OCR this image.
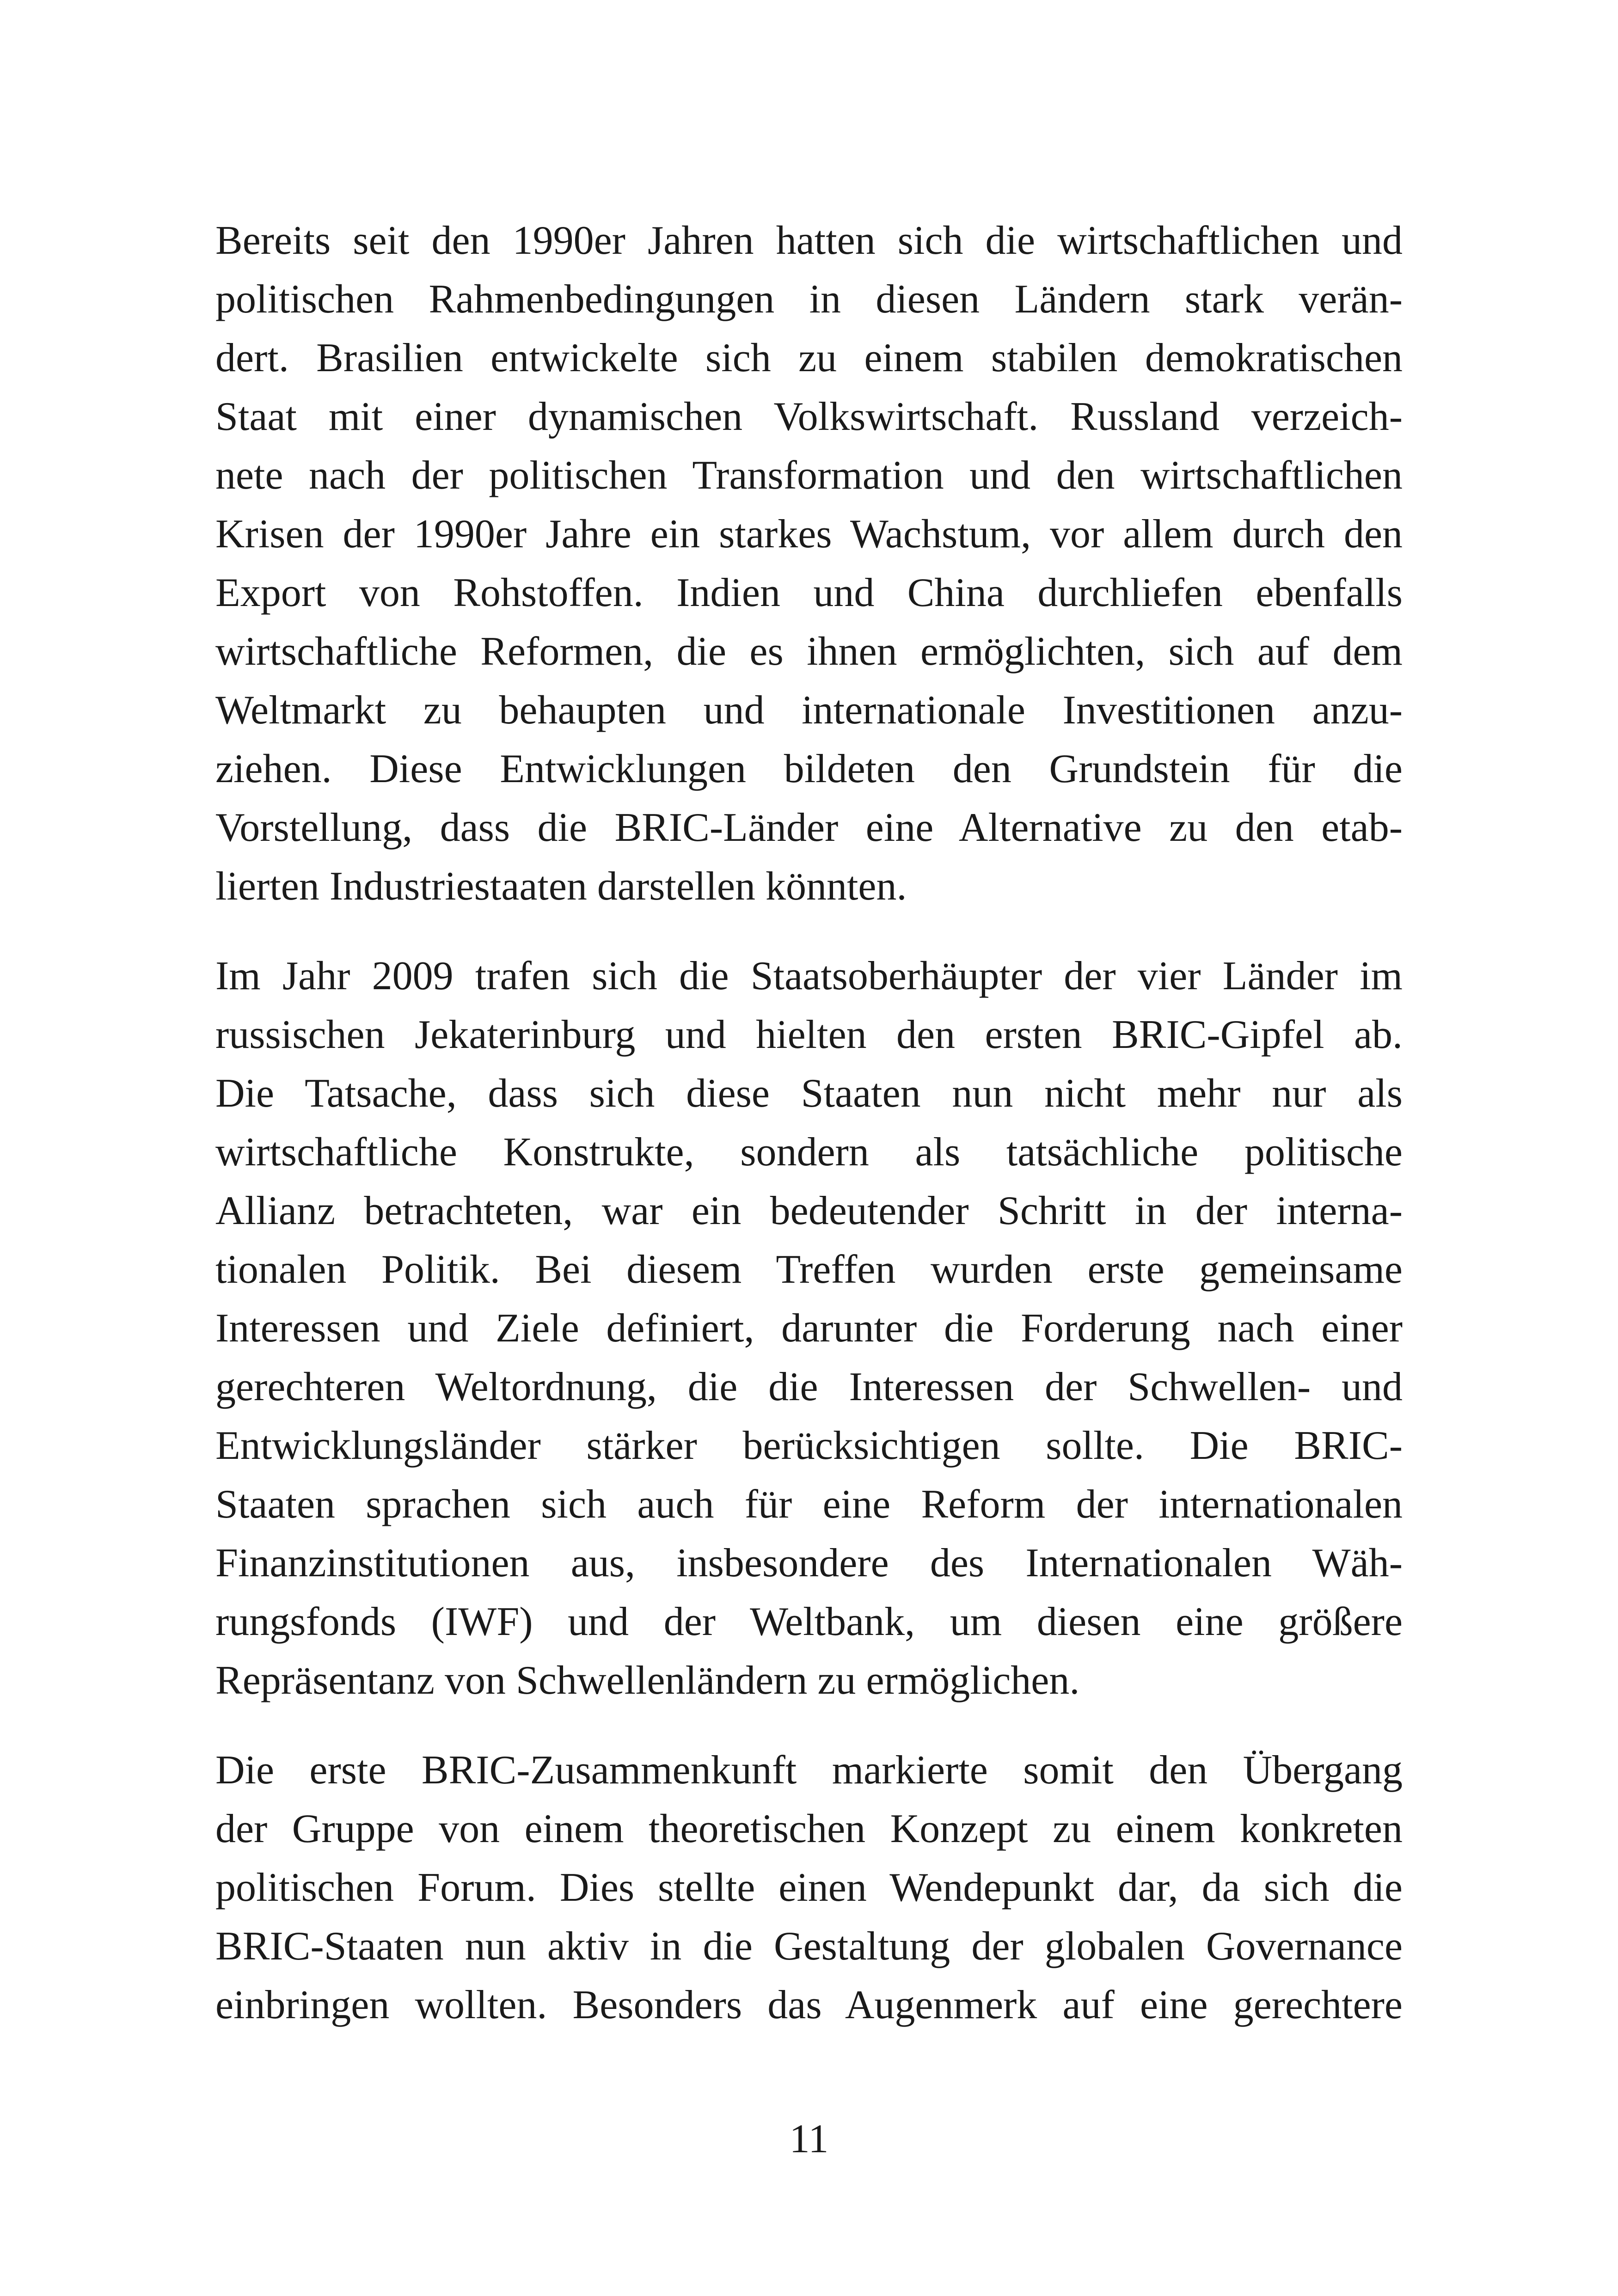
Bereits seit den 1990er Jahren hatten sich die wirtschaftlichen und
politischen Rahmenbedingungen in diesen Ländern stark verän-
dert. Brasilien entwickelte sich zu einem stabilen demokratischen
Staat mit einer dynamischen Volkswirtschaft. Russland verzeich-
nete nach der politischen Transformation und den wirtschaftlichen
Krisen der 1990er Jahre ein starkes Wachstum, vor allem durch den
Export von Rohstoffen. Indien und China durchliefen ebenfalls
wirtschaftliche Reformen, die es ihnen ermöglichten, sich auf dem
Weltmarkt zu behaupten und internationale Investitionen anzu-
ziehen. Diese Entwicklungen bildeten den Grundstein für die
Vorstellung, dass die BRIC-Länder eine Alternative zu den etab-
lierten Industriestaaten darstellen könnten.
Im Jahr 2009 trafen sich die Staatsoberhäupter der vier Länder im
russischen Jekaterinburg und hielten den ersten BRIC-Gipfel ab.
Die Tatsache, dass sich diese Staaten nun nicht mehr nur als
wirtschaftliche Konstrukte, sondern als tatsächliche politische
Allianz betrachteten, war ein bedeutender Schritt in der interna-
tionalen Politik. Bei diesem Treffen wurden erste gemeinsame
Interessen und Ziele definiert, darunter die Forderung nach einer
gerechteren Weltordnung, die die Interessen der Schwellen- und
Entwicklungsländer stärker berücksichtigen sollte. Die BRIC-
Staaten sprachen sich auch für eine Reform der internationalen
Finanzinstitutionen aus, insbesondere des Internationalen Wäh-
rungsfonds (IWF) und der Weltbank, um diesen eine größere
Repräsentanz von Schwellenländern zu ermöglichen.
Die erste BRIC-Zusammenkunft markierte somit den Übergang
der Gruppe von einem theoretischen Konzept zu einem konkreten
politischen Forum. Dies stellte einen Wendepunkt dar, da sich die
BRIC-Staaten nun aktiv in die Gestaltung der globalen Governance
einbringen wollten. Besonders das Augenmerk auf eine gerechtere
11
